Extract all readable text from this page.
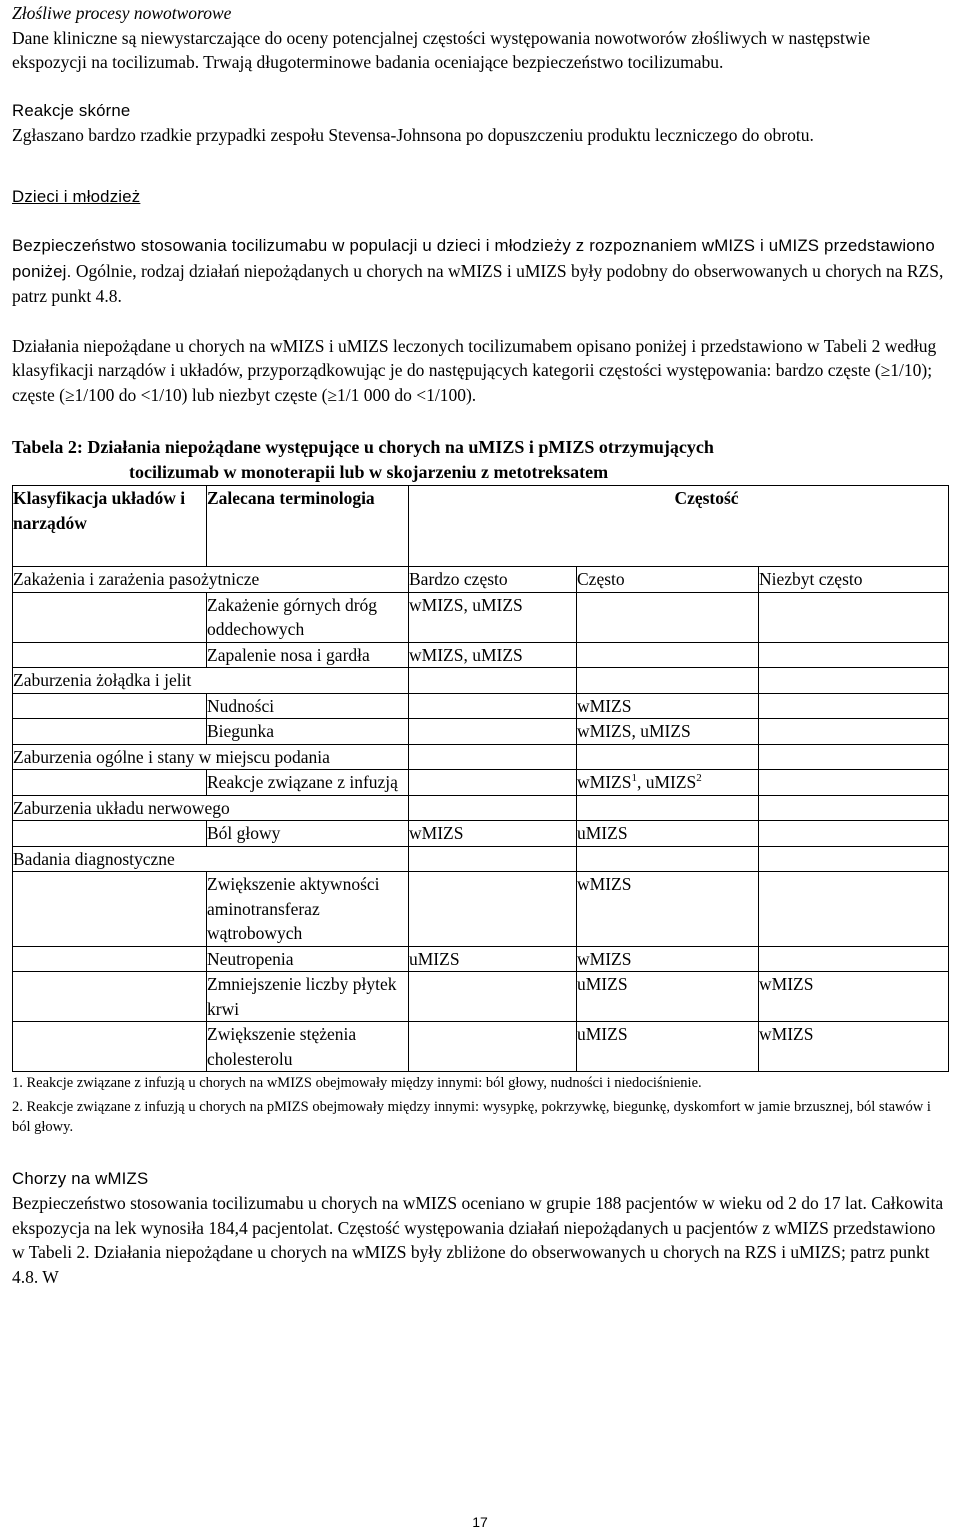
Złośliwe procesy nowotworowe

Dane kliniczne są niewystarczające do oceny potencjalnej częstości występowania nowotworów złośliwych w następstwie ekspozycji na tocilizumab. Trwają długoterminowe badania oceniające bezpieczeństwo tocilizumabu.

Reakcje skórne

Zgłaszano bardzo rzadkie przypadki zespołu Stevensa-Johnsona po dopuszczeniu produktu leczniczego do obrotu.

Dzieci i młodzież

Bezpieczeństwo stosowania tocilizumabu w populacji u dzieci i młodzieży z rozpoznaniem wMIZS i uMIZS przedstawiono poniżej. Ogólnie, rodzaj działań niepożądanych u chorych na wMIZS i uMIZS były podobny do obserwowanych u chorych na RZS, patrz punkt 4.8.

Działania niepożądane u chorych na wMIZS i uMIZS leczonych tocilizumabem opisano poniżej i przedstawiono w Tabeli 2 według klasyfikacji narządów i układów, przyporządkowując je do następujących kategorii częstości występowania: bardzo częste (≥1/10); częste (≥1/100 do <1/10) lub niezbyt częste (≥1/1 000 do <1/100).

Tabela 2: Działania niepożądane występujące u chorych na uMIZS i pMIZS otrzymujących
tocilizumab w monoterapii lub w skojarzeniu z metotreksatem
Klasyfikacja układów i narządów	Zalecana terminologia	Częstość		
Zakażenia i zarażenia pasożytnicze		Bardzo często	Często	Niezbyt często
	Zakażenie górnych dróg oddechowych	wMIZS, uMIZS		
	Zapalenie nosa i gardła	wMIZS, uMIZS		
Zaburzenia żołądka i jelit				
	Nudności		wMIZS	
	Biegunka		wMIZS, uMIZS	
Zaburzenia ogólne i stany w miejscu podania				
	Reakcje związane z infuzją		wMIZS$^1$, uMIZS$^2$	
Zaburzenia układu nerwowego				
	Ból głowy	wMIZS	uMIZS	
Badania diagnostyczne				
	Zwiększenie aktywności aminotransferaz wątrobowych		wMIZS	
	Neutropenia	uMIZS	wMIZS	
	Zmniejszenie liczby płytek krwi		uMIZS	wMIZS
	Zwiększenie stężenia cholesterolu		uMIZS	wMIZS
1. Reakcje związane z infuzją u chorych na wMIZS obejmowały między innymi: ból głowy, nudności i niedociśnienie.
2. Reakcje związane z infuzją u chorych na pMIZS obejmowały między innymi: wysypkę, pokrzywkę, biegunkę, dyskomfort w jamie brzusznej, ból stawów i ból głowy.

Chorzy na wMIZS

Bezpieczeństwo stosowania tocilizumabu u chorych na wMIZS oceniano w grupie 188 pacjentów w wieku od 2 do 17 lat. Całkowita ekspozycja na lek wynosiła 184,4 pacjentolat. Częstość występowania działań niepożądanych u pacjentów z wMIZS przedstawiono w Tabeli 2. Działania niepożądane u chorych na wMIZS były zbliżone do obserwowanych u chorych na RZS i uMIZS; patrz punkt 4.8. W

17
